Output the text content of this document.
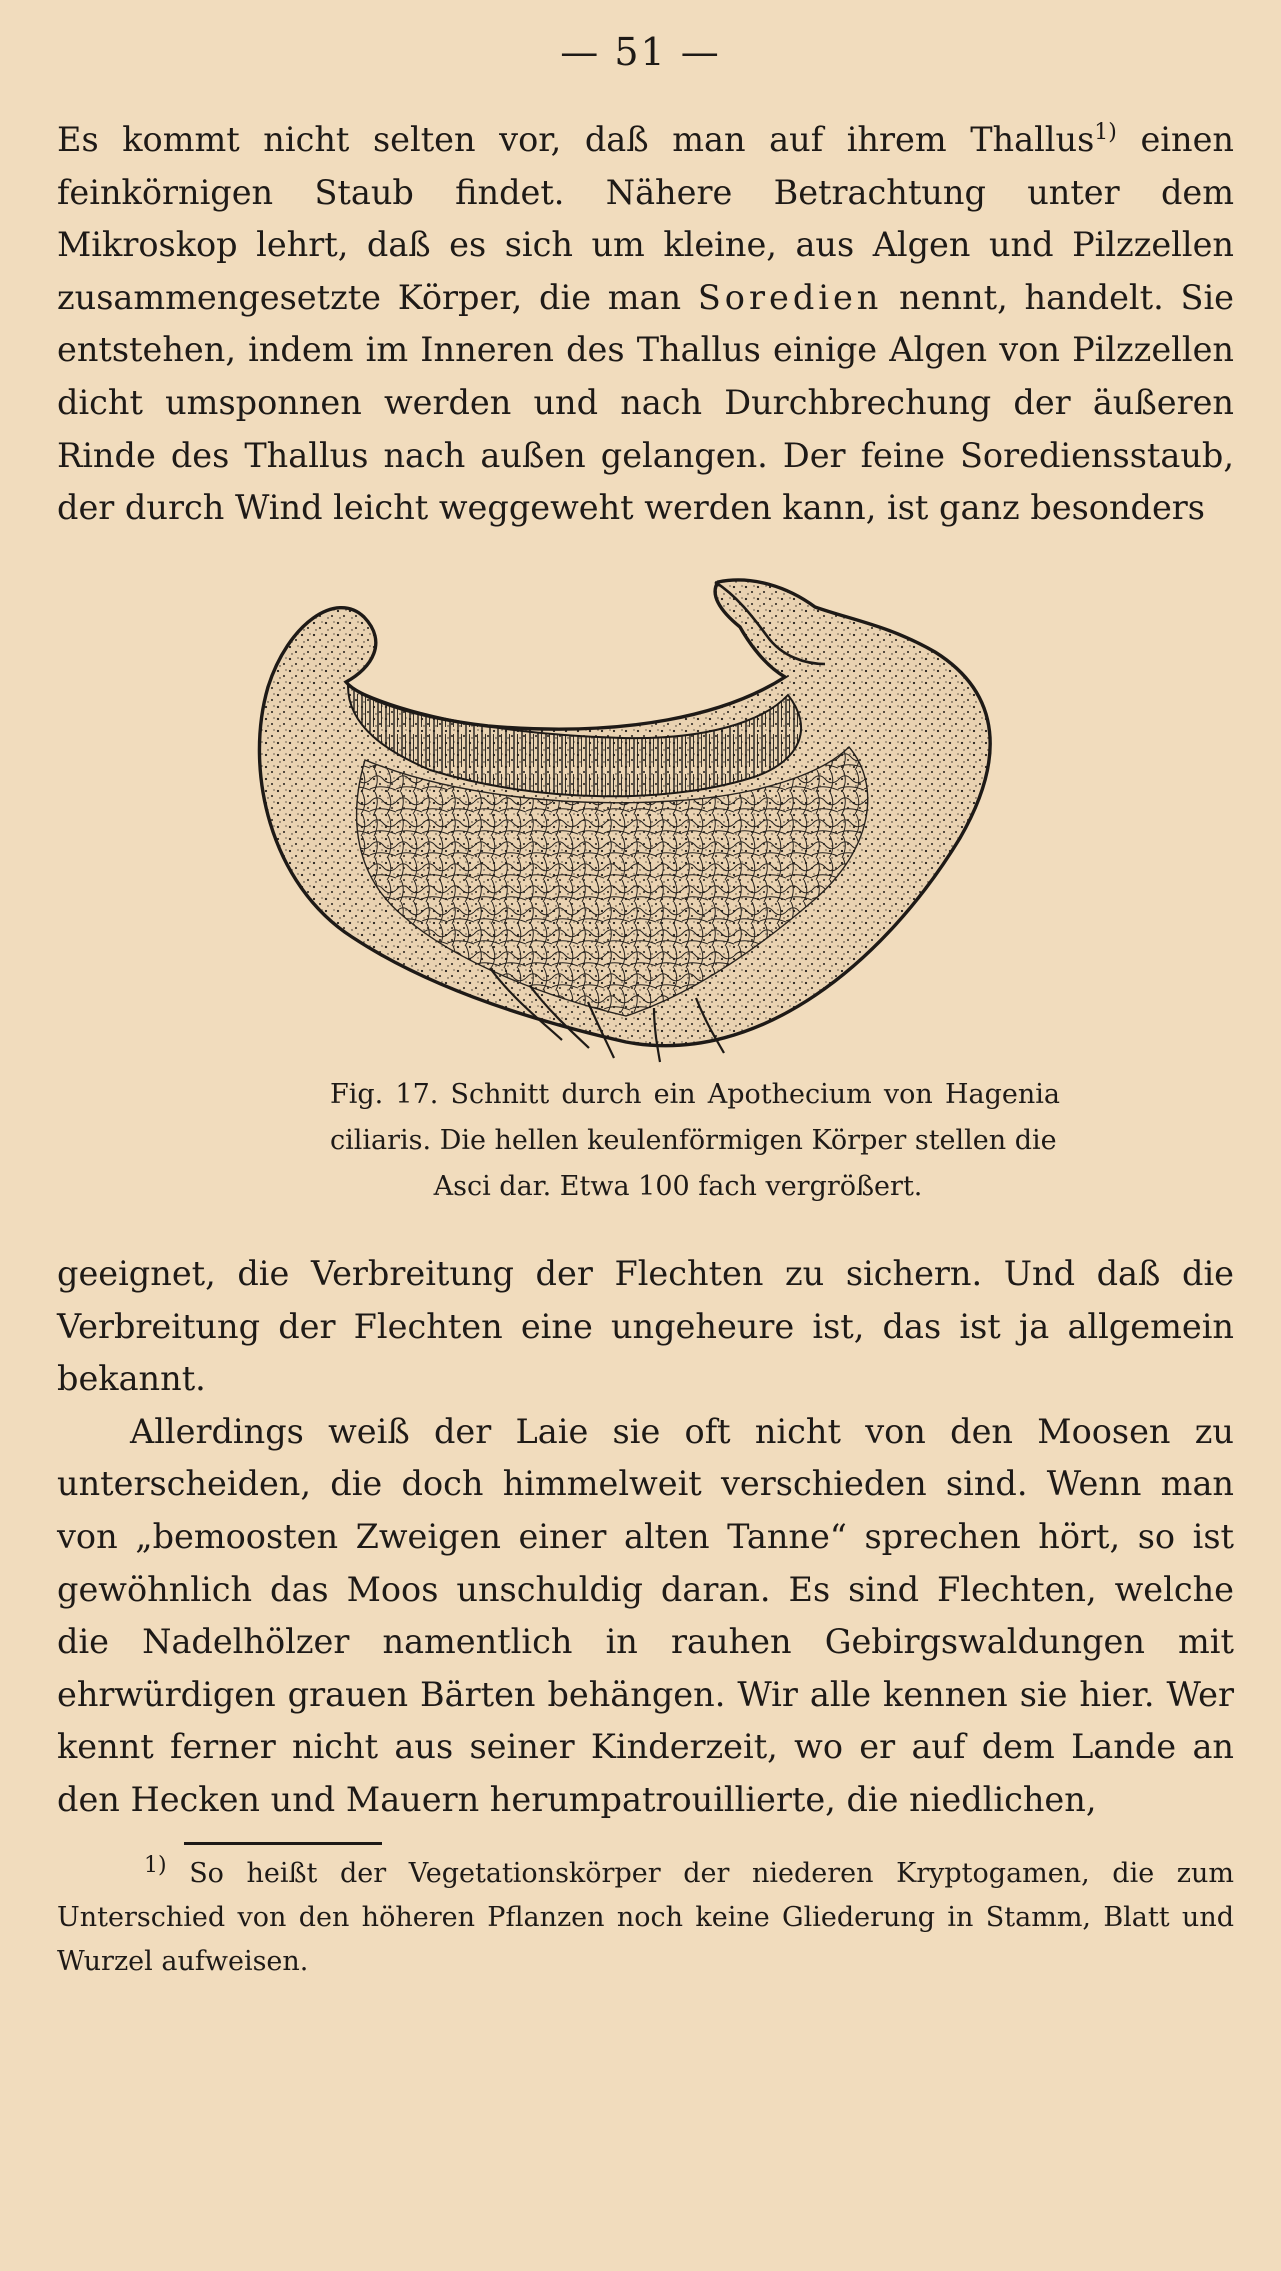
— 51 —

Es kommt nicht selten vor, daß man auf ihrem Thallus$^{1)}$ einen feinkörnigen Staub findet. Nähere Betrachtung unter dem Mikroskop lehrt, daß es sich um kleine, aus Algen und Pilzzellen zusammengesetzte Körper, die man Soredien nennt, handelt. Sie entstehen, indem im Inneren des Thallus einige Algen von Pilzzellen dicht umsponnen werden und nach Durchbrechung der äußeren Rinde des Thallus nach außen gelangen. Der feine Sorediensstaub, der durch Wind leicht weggeweht werden kann, ist ganz besonders

Fig. 17. Schnitt durch ein Apothecium von Hagenia ciliaris. Die hellen keulenförmigen Körper stellen die
Asci dar. Etwa 100 fach vergrößert.

geeignet, die Verbreitung der Flechten zu sichern. Und daß die Verbreitung der Flechten eine ungeheure ist, das ist ja allgemein bekannt.

Allerdings weiß der Laie sie oft nicht von den Moosen zu unterscheiden, die doch himmelweit verschieden sind. Wenn man von „bemoosten Zweigen einer alten Tanne“ sprechen hört, so ist gewöhnlich das Moos unschuldig daran. Es sind Flechten, welche die Nadelhölzer namentlich in rauhen Gebirgswaldungen mit ehrwürdigen grauen Bärten behängen. Wir alle kennen sie hier. Wer kennt ferner nicht aus seiner Kinderzeit, wo er auf dem Lande an den Hecken und Mauern herumpatrouillierte, die niedlichen,

$^{1)}$ So heißt der Vegetationskörper der niederen Kryptogamen, die zum Unterschied von den höheren Pflanzen noch keine Gliederung in Stamm, Blatt und Wurzel aufweisen.
